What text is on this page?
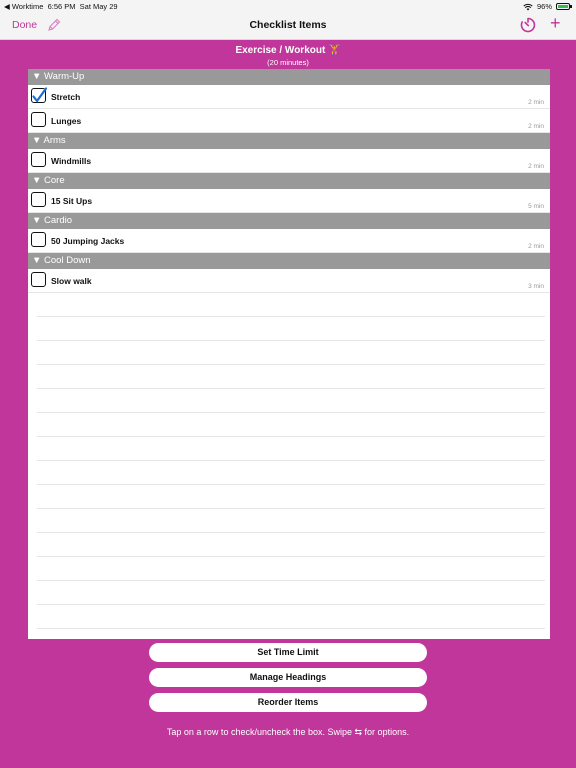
◀ Worktime 6:56 PM Sat May 29	96%
Done	Checklist Items	+
Exercise / Workout 🏋
(20 minutes)
▼ Warm-Up
Stretch
2 min
Lunges
2 min
▼ Arms
Windmills
2 min
▼ Core
15 Sit Ups
5 min
▼ Cardio
50 Jumping Jacks
2 min
▼ Cool Down
Slow walk
3 min
Set Time Limit
Manage Headings
Reorder Items
Tap on a row to check/uncheck the box. Swipe ⇆ for options.
